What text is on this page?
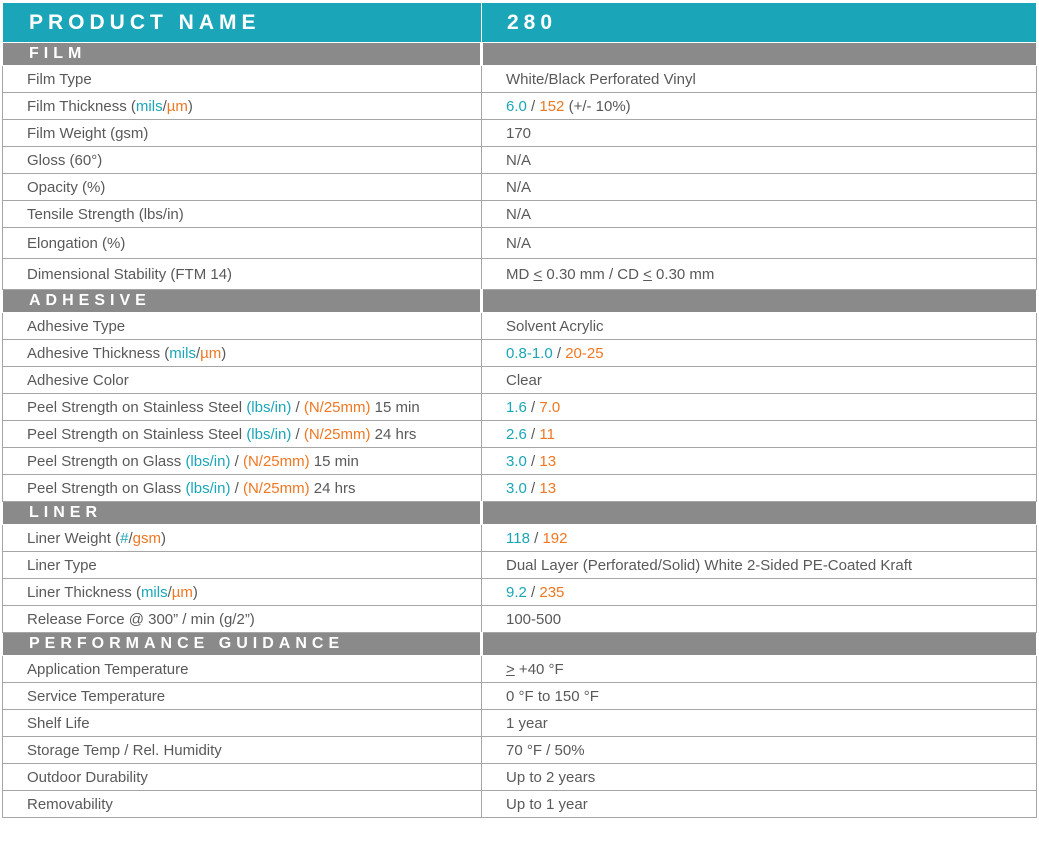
PRODUCT NAME	280
FILM	
Film Type	White/Black Perforated Vinyl
Film Thickness (mils/µm)	6.0 / 152 (+/- 10%)
Film Weight (gsm)	170
Gloss (60°)	N/A
Opacity (%)	N/A
Tensile Strength (lbs/in)	N/A
Elongation (%)	N/A
Dimensional Stability (FTM 14)	MD < 0.30 mm / CD < 0.30 mm
ADHESIVE	
Adhesive Type	Solvent Acrylic
Adhesive Thickness (mils/µm)	0.8-1.0 / 20-25
Adhesive Color	Clear
Peel Strength on Stainless Steel (lbs/in) / (N/25mm) 15 min	1.6 / 7.0
Peel Strength on Stainless Steel (lbs/in) / (N/25mm) 24 hrs	2.6 / 11
Peel Strength on Glass (lbs/in) / (N/25mm) 15 min	3.0 / 13
Peel Strength on Glass (lbs/in) / (N/25mm) 24 hrs	3.0 / 13
LINER	
Liner Weight (#/gsm)	118 / 192
Liner Type	Dual Layer (Perforated/Solid) White 2-Sided PE-Coated Kraft
Liner Thickness (mils/µm)	9.2 / 235
Release Force @ 300” / min (g/2”)	100-500
PERFORMANCE GUIDANCE	
Application Temperature	> +40 °F
Service Temperature	0 °F to 150 °F
Shelf Life	1 year
Storage Temp / Rel. Humidity	70 °F / 50%
Outdoor Durability	Up to 2 years
Removability	Up to 1 year
